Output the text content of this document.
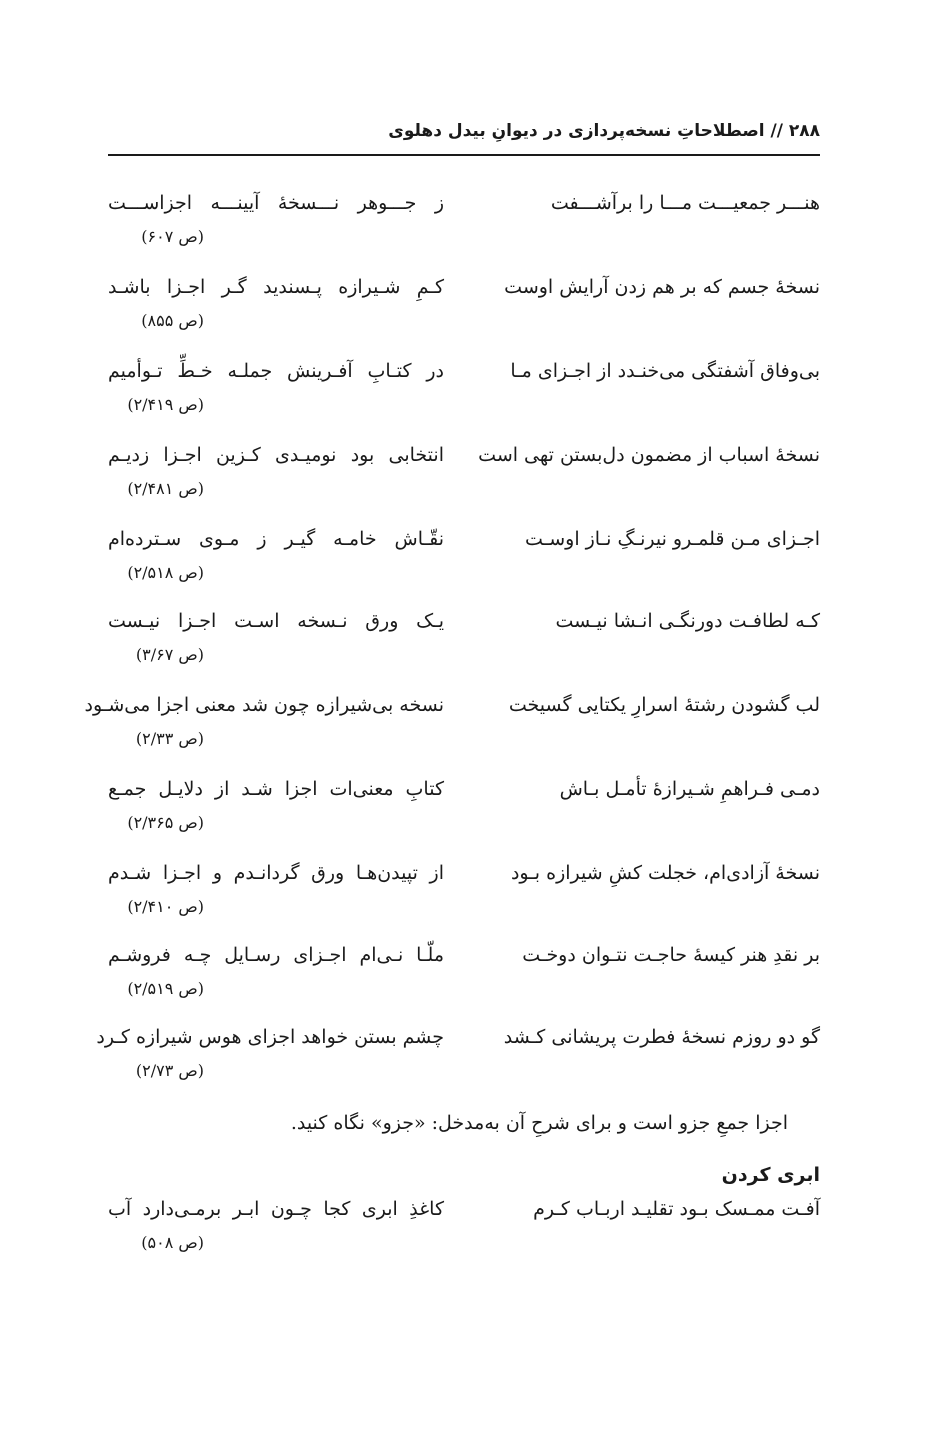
۲۸۸ // اصطلاحاتِ نسخه‌پردازی در دیوانِ بیدل دهلوی
هنـــر جمعیـــت مـــا را برآشـــفت
ز جـــوهر نـــسخهٔ آیینـــه اجزاســـت
(ص ۶۰۷)
نسخهٔ جسم که بر هم زدن آرایش اوست
کـمِ شـیرازه پـسندید گـر اجـزا باشـد
(ص ۸۵۵)
بی‌وفاق آشفتگی می‌خنـدد از اجـزای مـا
در کتـابِ آفـرینش جملـه خـطِّ تـوأمیم
(ص ۲/۴۱۹)
نسخهٔ اسباب از مضمون دل‌بستن تهی است
انتخابی بود نومیـدی کـزین اجـزا زدیـم
(ص ۲/۴۸۱)
اجـزای مـن قلمـرو نیرنـگِ نـاز اوسـت
نقّـاش خامـه گیـر ز مـوی سـترده‌ام
(ص ۲/۵۱۸)
کـه لطافـت دورنگـی انـشا نیـست
یـک ورق نـسخه اسـت اجـزا نیـست
(ص ۳/۶۷)
لب گشودن رشتهٔ اسرارِ یکتایی گسیخت
نسخه بی‌شیرازه چون شد معنی اجزا می‌شـود
(ص ۲/۳۳)
دمـی فـراهمِ شـیرازهٔ تأمـل بـاش
کتابِ معنی‌ات اجزا شـد از دلایـل جمـع
(ص ۲/۳۶۵)
نسخهٔ آزادی‌ام، خجلت کشِ شیرازه بـود
از تپیدن‌هـا ورق گردانـدم و اجـزا شـدم
(ص ۲/۴۱۰)
بر نقدِ هنر کیسهٔ حاجـت نتـوان دوخـت
ملّـا نـی‌ام اجـزای رسـایل چـه فروشـم
(ص ۲/۵۱۹)
گو دو روزم نسخهٔ فطرت پریشانی کـشد
چشم بستن خواهد اجزای هوس شیرازه کـرد
(ص ۲/۷۳)
اجزا جمعِ جزو است و برای شرحِ آن به‌مدخل: «جزو» نگاه کنید.
ابری کردن
آفـت ممـسک بـود تقلیـد اربـاب کـرم
کاغذِ ابری کجا چـون ابـر برمـی‌دارد آب
(ص ۵۰۸)
